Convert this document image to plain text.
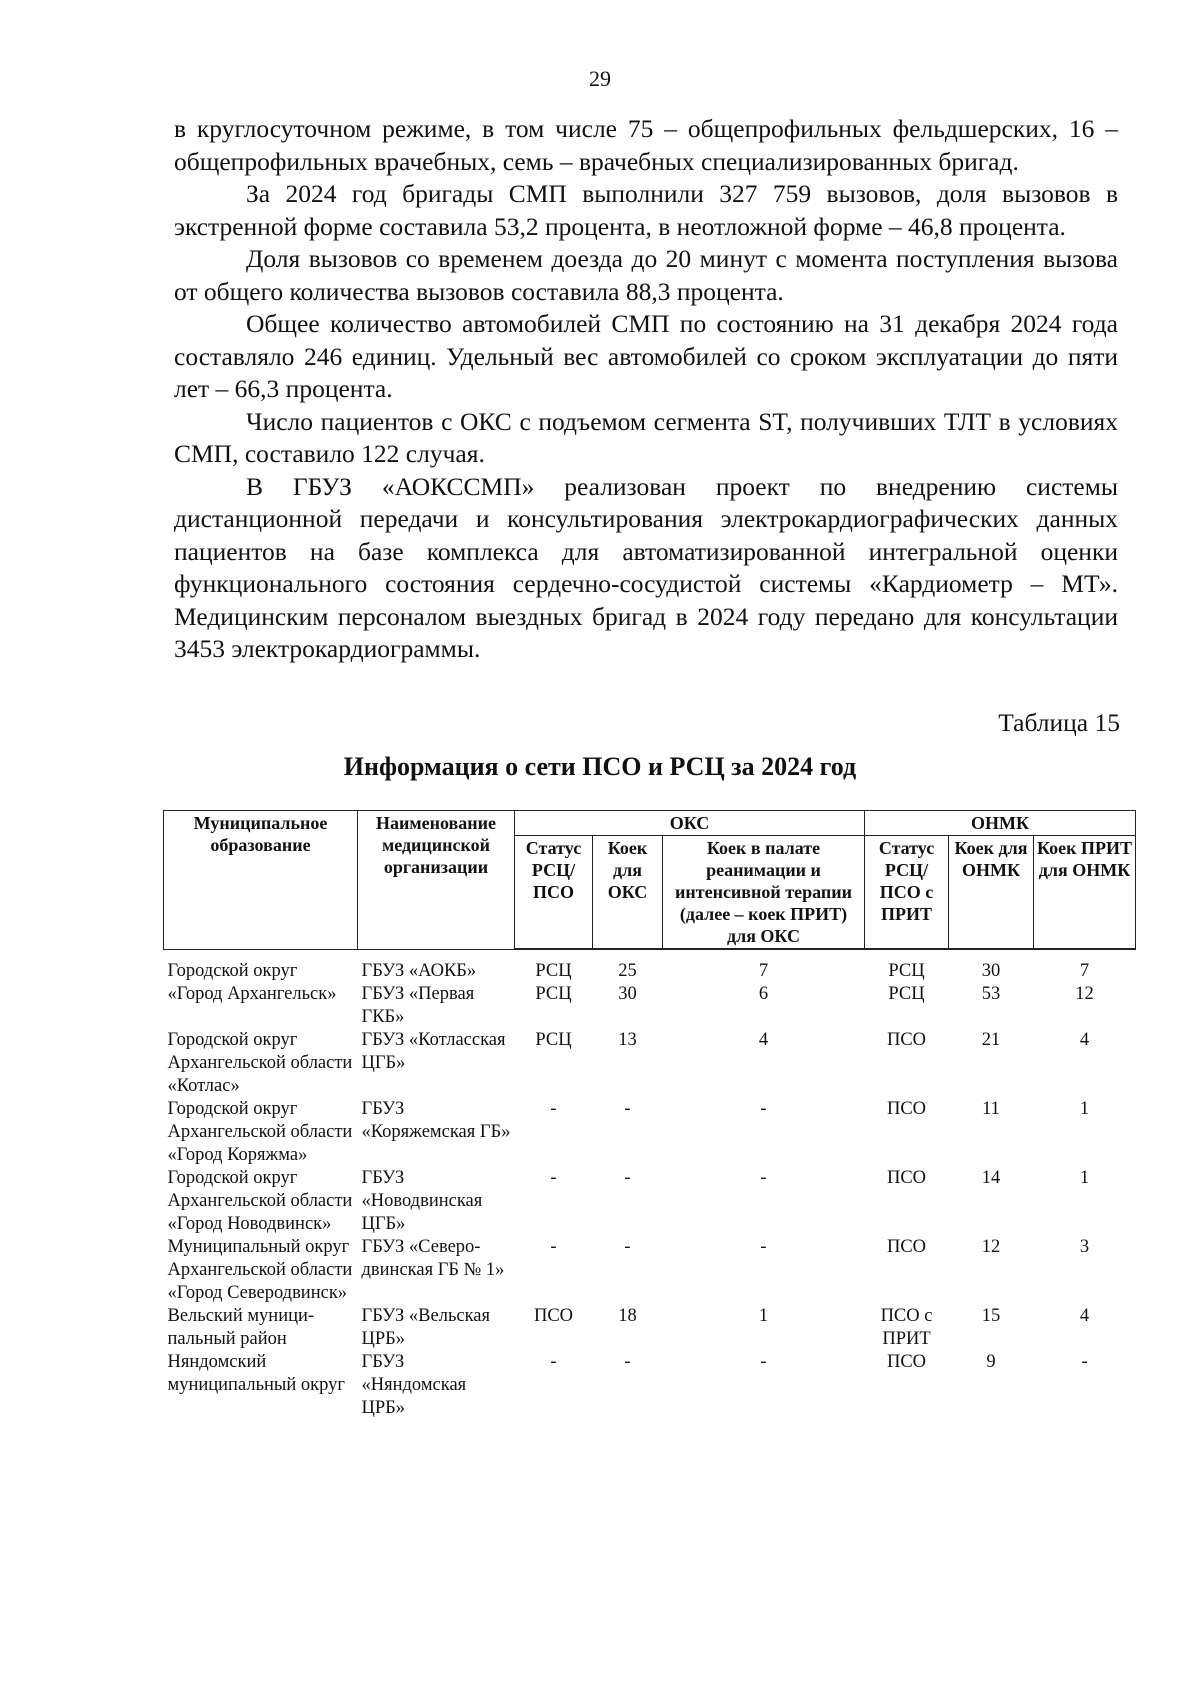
29

в круглосуточном режиме, в том числе 75 – общепрофильных фельдшерских, 16 – общепрофильных врачебных, семь – врачебных специализированных бригад.

За 2024 год бригады СМП выполнили 327 759 вызовов, доля вызовов в экстренной форме составила 53,2 процента, в неотложной форме – 46,8 процента.

Доля вызовов со временем доезда до 20 минут с момента поступления вызова от общего количества вызовов составила 88,3 процента.

Общее количество автомобилей СМП по состоянию на 31 декабря 2024 года составляло 246 единиц. Удельный вес автомобилей со сроком эксплуатации до пяти лет – 66,3 процента.

Число пациентов с ОКС с подъемом сегмента ST, получивших ТЛТ в условиях СМП, составило 122 случая.

В ГБУЗ «АОКССМП» реализован проект по внедрению системы дистанционной передачи и консультирования электрокардиографических данных пациентов на базе комплекса для автоматизированной интегральной оценки функционального состояния сердечно-сосудистой системы «Кардиометр – МТ». Медицинским персоналом выездных бригад в 2024 году передано для консультации 3453 электрокардиограммы.

Таблица 15
Информация о сети ПСО и РСЦ за 2024 год
Муниципальное образование	Наименование медицинской организации	ОКС			ОНМК		
		Статус РСЦ/ ПСО	Коек для ОКС	Коек в палате реанимации и интенсивной терапии (далее – коек ПРИТ) для ОКС	Статус РСЦ/ ПСО с ПРИТ	Коек для ОНМК	Коек ПРИТ для ОНМК
Городской округ «Город Архангельск»	ГБУЗ «АОКБ»	РСЦ	25	7	РСЦ	30	7
	ГБУЗ «Первая ГКБ»	РСЦ	30	6	РСЦ	53	12
Городской округ Архангельской области «Котлас»	ГБУЗ «Котласская ЦГБ»	РСЦ	13	4	ПСО	21	4
Городской округ Архангельской области «Город Коряжма»	ГБУЗ «Коряжемская ГБ»	-	-	-	ПСО	11	1
Городской округ Архангельской области «Город Новодвинск»	ГБУЗ «Новодвинская ЦГБ»	-	-	-	ПСО	14	1
Муниципальный округ Архангельской области «Город Северодвинск»	ГБУЗ «Северо-двинская ГБ № 1»	-	-	-	ПСО	12	3
Вельский муници-пальный район	ГБУЗ «Вельская ЦРБ»	ПСО	18	1	ПСО с ПРИТ	15	4
Няндомский муниципальный округ	ГБУЗ «Няндомская ЦРБ»	-	-	-	ПСО	9	-
